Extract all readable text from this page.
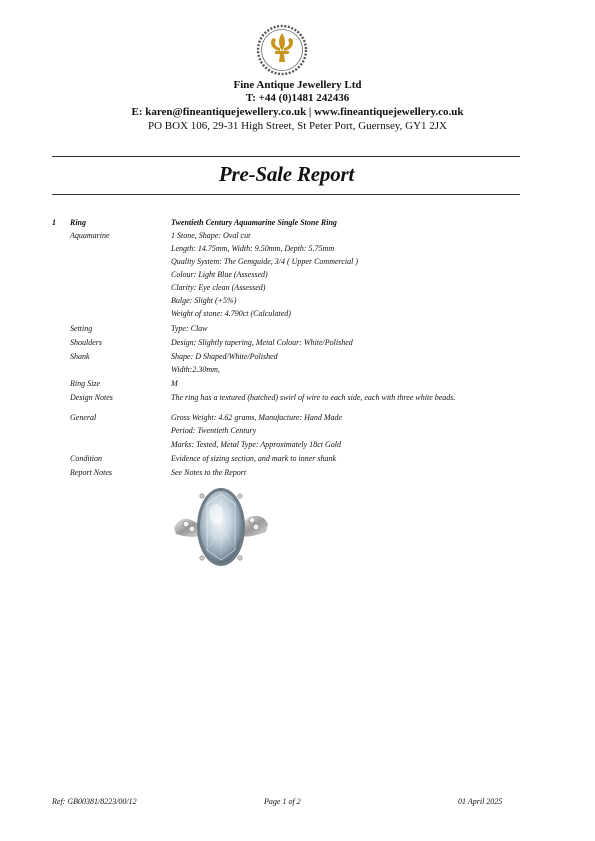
Fine Antique Jewellery Ltd
T: +44 (0)1481 242436
E: karen@fineantiquejewellery.co.uk | www.fineantiquejewellery.co.uk
PO BOX 106, 29-31 High Street, St Peter Port, Guernsey, GY1 2JX
Pre-Sale Report
1 Ring	Twentieth Century Aquamarine Single Stone Ring
Aquamarine	1 Stone, Shape: Oval cut
Length: 14.75mm, Width: 9.50mm, Depth: 5.75mm
Quality System: The Gemguide, 3/4 ( Upper Commercial )
Colour: Light Blue (Assessed)
Clarity: Eye clean (Assessed)
Bulge: Slight (+5%)
Weight of stone: 4.790ct (Calculated)
Setting	Type: Claw
Shoulders	Design: Slightly tapering, Metal Colour: White/Polished
Shank	Shape: D Shaped/White/Polished
Width:2.30mm,
Ring Size	M
Design Notes	The ring has a textured (hatched) swirl of wire to each side, each with three white beads.
General	Gross Weight: 4.62 grams, Manufacture: Hand Made
Period: Twentieth Century
Marks: Tested, Metal Type: Approximately 18ct Gold
Condition	Evidence of sizing section, and mark to inner shank
Report Notes	See Notes to the Report
Ref: GB00381/8223/00/12	Page 1 of 2	01 April 2025
